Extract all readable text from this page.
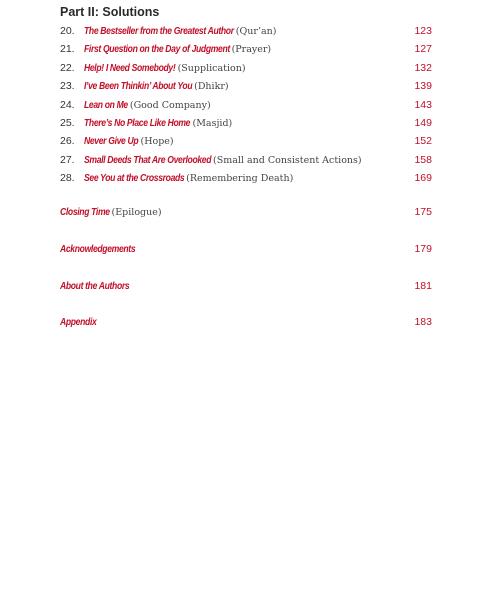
Part II: Solutions
20. The Bestseller from the Greatest Author (Qur’an)	123
21. First Question on the Day of Judgment (Prayer)	127
22. Help! I Need Somebody! (Supplication)	132
23. I’ve Been Thinkin’ About You (Dhikr)	139
24. Lean on Me (Good Company)	143
25. There’s No Place Like Home (Masjid)	149
26. Never Give Up (Hope)	152
27. Small Deeds That Are Overlooked (Small and Consistent Actions)	158
28. See You at the Crossroads (Remembering Death)	169
Closing Time (Epilogue)	175
Acknowledgements	179
About the Authors	181
Appendix	183
